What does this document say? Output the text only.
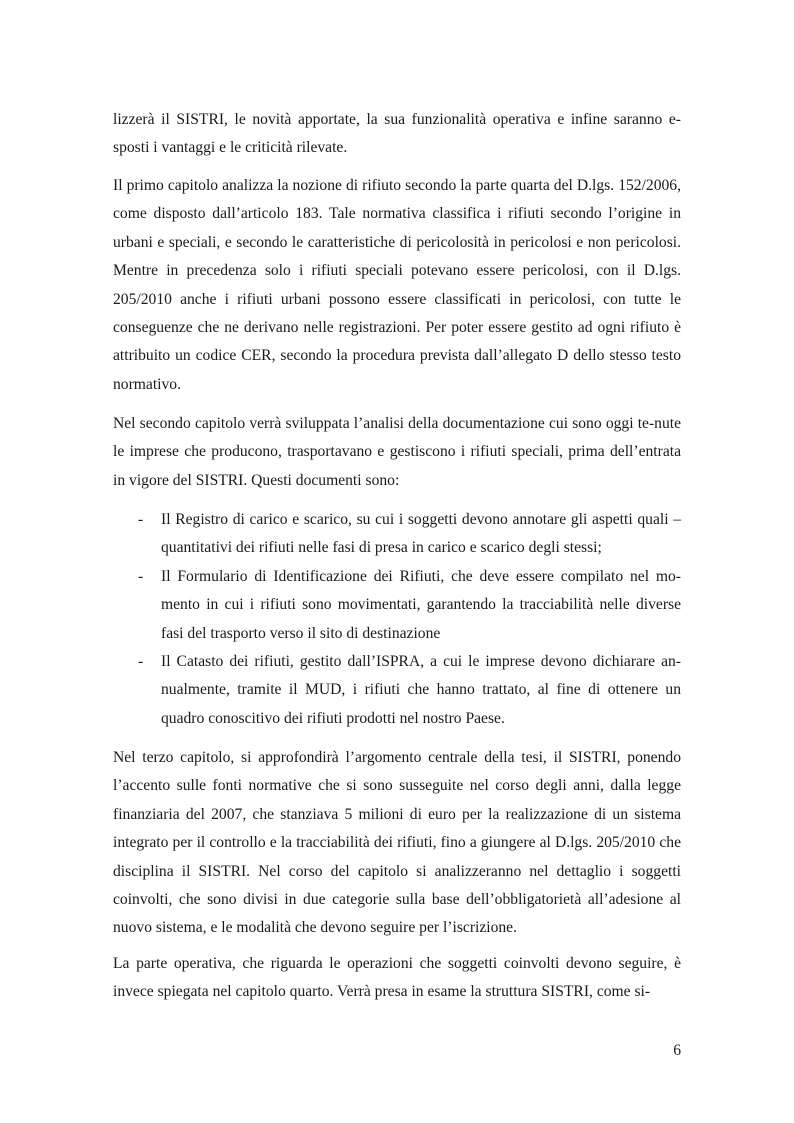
lizzerà il SISTRI, le novità apportate, la sua funzionalità operativa e infine saranno e-sposti i vantaggi e le criticità rilevate.

Il primo capitolo analizza la nozione di rifiuto secondo la parte quarta del D.lgs. 152/2006, come disposto dall’articolo 183. Tale normativa classifica i rifiuti secondo l’origine in urbani e speciali, e secondo le caratteristiche di pericolosità in pericolosi e non pericolosi. Mentre in precedenza solo i rifiuti speciali potevano essere pericolosi, con il D.lgs. 205/2010 anche i rifiuti urbani possono essere classificati in pericolosi, con tutte le conseguenze che ne derivano nelle registrazioni. Per poter essere gestito ad ogni rifiuto è attribuito un codice CER, secondo la procedura prevista dall’allegato D dello stesso testo normativo.

Nel secondo capitolo verrà sviluppata l’analisi della documentazione cui sono oggi te-nute le imprese che producono, trasportavano e gestiscono i rifiuti speciali, prima dell’entrata in vigore del SISTRI. Questi documenti sono:

- Il Registro di carico e scarico, su cui i soggetti devono annotare gli aspetti quali – quantitativi dei rifiuti nelle fasi di presa in carico e scarico degli stessi;
- Il Formulario di Identificazione dei Rifiuti, che deve essere compilato nel mo-mento in cui i rifiuti sono movimentati, garantendo la tracciabilità nelle diverse fasi del trasporto verso il sito di destinazione
- Il Catasto dei rifiuti, gestito dall’ISPRA, a cui le imprese devono dichiarare an-nualmente, tramite il MUD, i rifiuti che hanno trattato, al fine di ottenere un quadro conoscitivo dei rifiuti prodotti nel nostro Paese.

Nel terzo capitolo, si approfondirà l’argomento centrale della tesi, il SISTRI, ponendo l’accento sulle fonti normative che si sono susseguite nel corso degli anni, dalla legge finanziaria del 2007, che stanziava 5 milioni di euro per la realizzazione di un sistema integrato per il controllo e la tracciabilità dei rifiuti, fino a giungere al D.lgs. 205/2010 che disciplina il SISTRI. Nel corso del capitolo si analizzeranno nel dettaglio i soggetti coinvolti, che sono divisi in due categorie sulla base dell’obbligatorietà all’adesione al nuovo sistema, e le modalità che devono seguire per l’iscrizione.

La parte operativa, che riguarda le operazioni che soggetti coinvolti devono seguire, è invece spiegata nel capitolo quarto. Verrà presa in esame la struttura SISTRI, come si-

6
